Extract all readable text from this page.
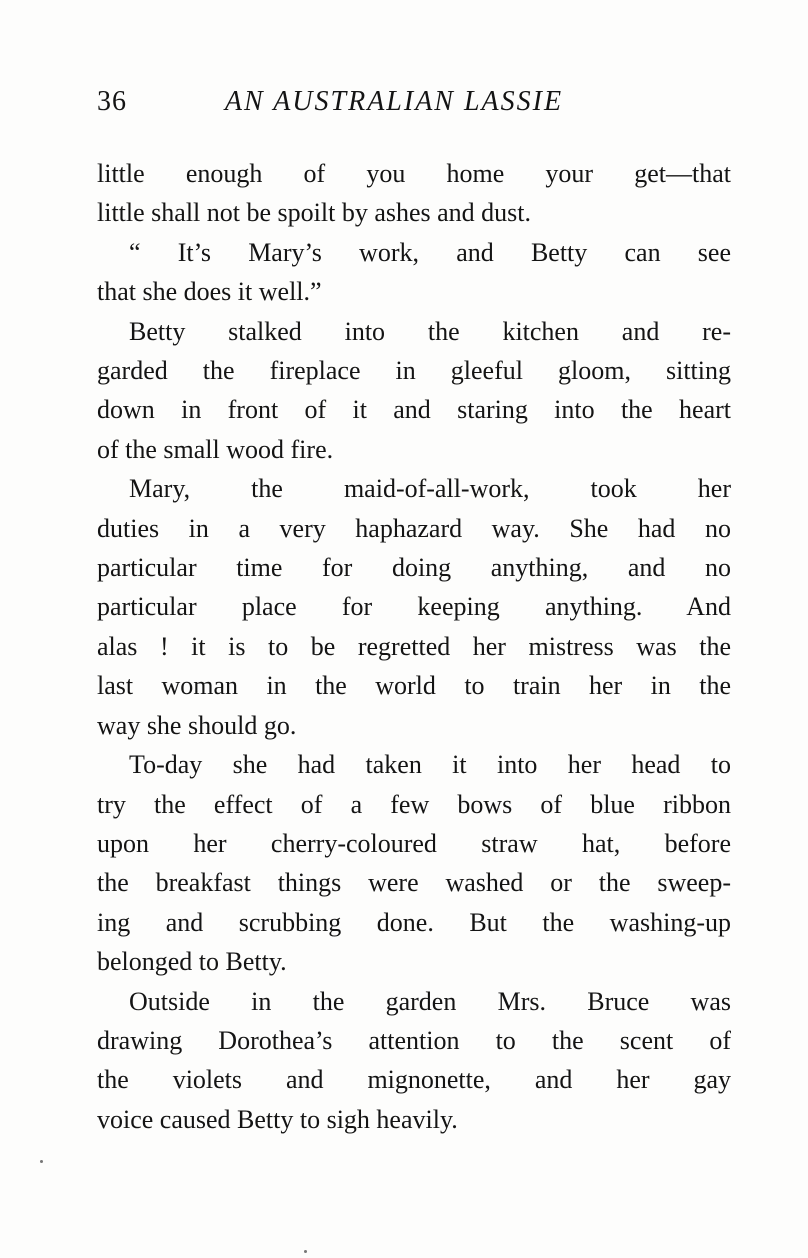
36	AN AUSTRALIAN LASSIE
little enough of you home your get—that
little shall not be spoilt by ashes and dust.
“ It’s Mary’s work, and Betty can see
that she does it well.”
Betty stalked into the kitchen and re-
garded the fireplace in gleeful gloom, sitting
down in front of it and staring into the heart
of the small wood fire.
Mary, the maid-of-all-work, took her
duties in a very haphazard way. She had no
particular time for doing anything, and no
particular place for keeping anything. And
alas ! it is to be regretted her mistress was the
last woman in the world to train her in the
way she should go.
To-day she had taken it into her head to
try the effect of a few bows of blue ribbon
upon her cherry-coloured straw hat, before
the breakfast things were washed or the sweep-
ing and scrubbing done. But the washing-up
belonged to Betty.
Outside in the garden Mrs. Bruce was
drawing Dorothea’s attention to the scent of
the violets and mignonette, and her gay
voice caused Betty to sigh heavily.
